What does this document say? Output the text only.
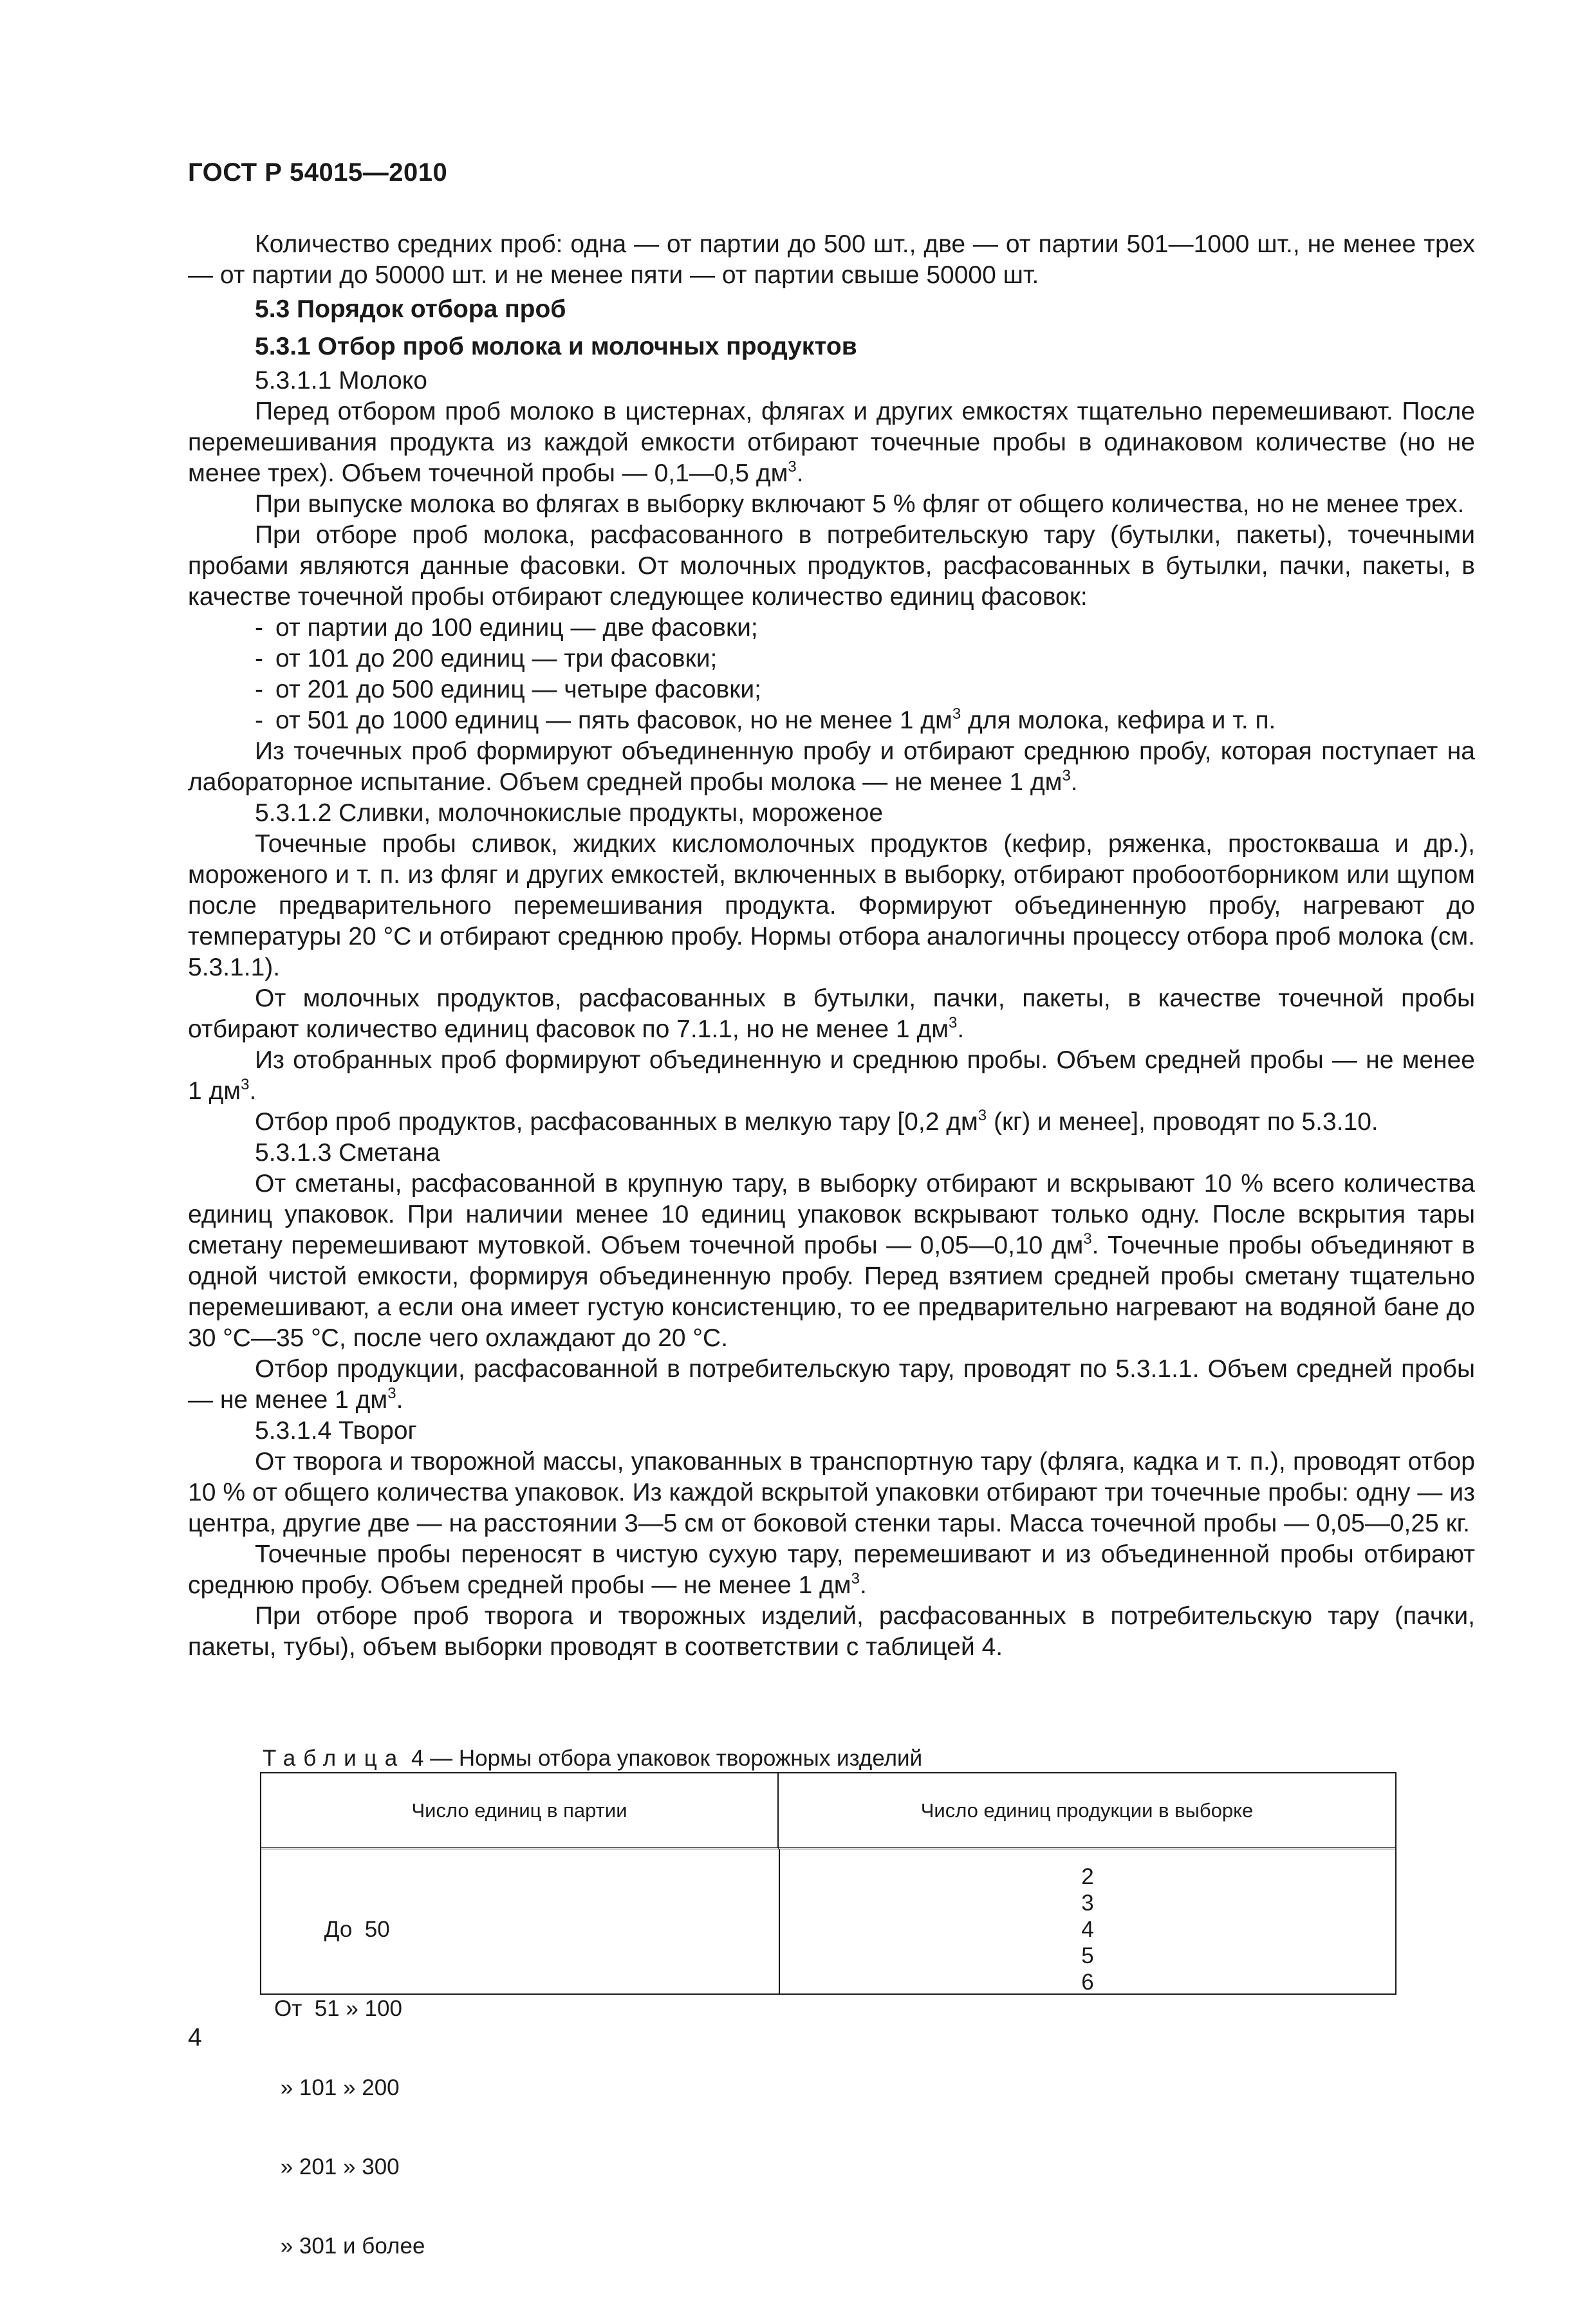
ГОСТ Р 54015—2010

Количество средних проб: одна — от партии до 500 шт., две — от партии 501—1000 шт., не менее трех — от партии до 50000 шт. и не менее пяти — от партии свыше 50000 шт.

5.3 Порядок отбора проб

5.3.1 Отбор проб молока и молочных продуктов

5.3.1.1 Молоко

Перед отбором проб молоко в цистернах, флягах и других емкостях тщательно перемешивают. После перемешивания продукта из каждой емкости отбирают точечные пробы в одинаковом количестве (но не менее трех). Объем точечной пробы — 0,1—0,5 $дм^3$.

При выпуске молока во флягах в выборку включают 5 % фляг от общего количества, но не менее трех.

При отборе проб молока, расфасованного в потребительскую тару (бутылки, пакеты), точечными пробами являются данные фасовки. От молочных продуктов, расфасованных в бутылки, пачки, пакеты, в качестве точечной пробы отбирают следующее количество единиц фасовок:

- от партии до 100 единиц — две фасовки;

- от 101 до 200 единиц — три фасовки;

- от 201 до 500 единиц — четыре фасовки;

- от 501 до 1000 единиц — пять фасовок, но не менее 1 $дм^3$ для молока, кефира и т. п.

Из точечных проб формируют объединенную пробу и отбирают среднюю пробу, которая поступает на лабораторное испытание. Объем средней пробы молока — не менее 1 $дм^3$.

5.3.1.2 Сливки, молочнокислые продукты, мороженое

Точечные пробы сливок, жидких кисломолочных продуктов (кефир, ряженка, простокваша и др.), мороженого и т. п. из фляг и других емкостей, включенных в выборку, отбирают пробоотборником или щупом после предварительного перемешивания продукта. Формируют объединенную пробу, нагревают до температуры 20 °С и отбирают среднюю пробу. Нормы отбора аналогичны процессу отбора проб молока (см. 5.3.1.1).

От молочных продуктов, расфасованных в бутылки, пачки, пакеты, в качестве точечной пробы отбирают количество единиц фасовок по 7.1.1, но не менее 1 $дм^3$.

Из отобранных проб формируют объединенную и среднюю пробы. Объем средней пробы — не менее 1 $дм^3$.

Отбор проб продуктов, расфасованных в мелкую тару [0,2 $дм^3$ (кг) и менее], проводят по 5.3.10.

5.3.1.3 Сметана

От сметаны, расфасованной в крупную тару, в выборку отбирают и вскрывают 10 % всего количества единиц упаковок. При наличии менее 10 единиц упаковок вскрывают только одну. После вскрытия тары сметану перемешивают мутовкой. Объем точечной пробы — 0,05—0,10 $дм^3$. Точечные пробы объединяют в одной чистой емкости, формируя объединенную пробу. Перед взятием средней пробы сметану тщательно перемешивают, а если она имеет густую консистенцию, то ее предварительно нагревают на водяной бане до 30 °С—35 °С, после чего охлаждают до 20 °С.

Отбор продукции, расфасованной в потребительскую тару, проводят по 5.3.1.1. Объем средней пробы — не менее 1 $дм^3$.

5.3.1.4 Творог

От творога и творожной массы, упакованных в транспортную тару (фляга, кадка и т. п.), проводят отбор 10 % от общего количества упаковок. Из каждой вскрытой упаковки отбирают три точечные пробы: одну — из центра, другие две — на расстоянии 3—5 см от боковой стенки тары. Масса точечной пробы — 0,05—0,25 кг.

Точечные пробы переносят в чистую сухую тару, перемешивают и из объединенной пробы отбирают среднюю пробу. Объем средней пробы — не менее 1 $дм^3$.

При отборе проб творога и творожных изделий, расфасованных в потребительскую тару (пачки, пакеты, тубы), объем выборки проводят в соответствии с таблицей 4.

Таблица 4 — Нормы отбора упаковок творожных изделий
Число единиц в партии	Число единиц продукции в выборке

До  50

От  51 » 100

» 101 » 200

» 201 » 300

» 301 и более

2
3
4
5
6
4
